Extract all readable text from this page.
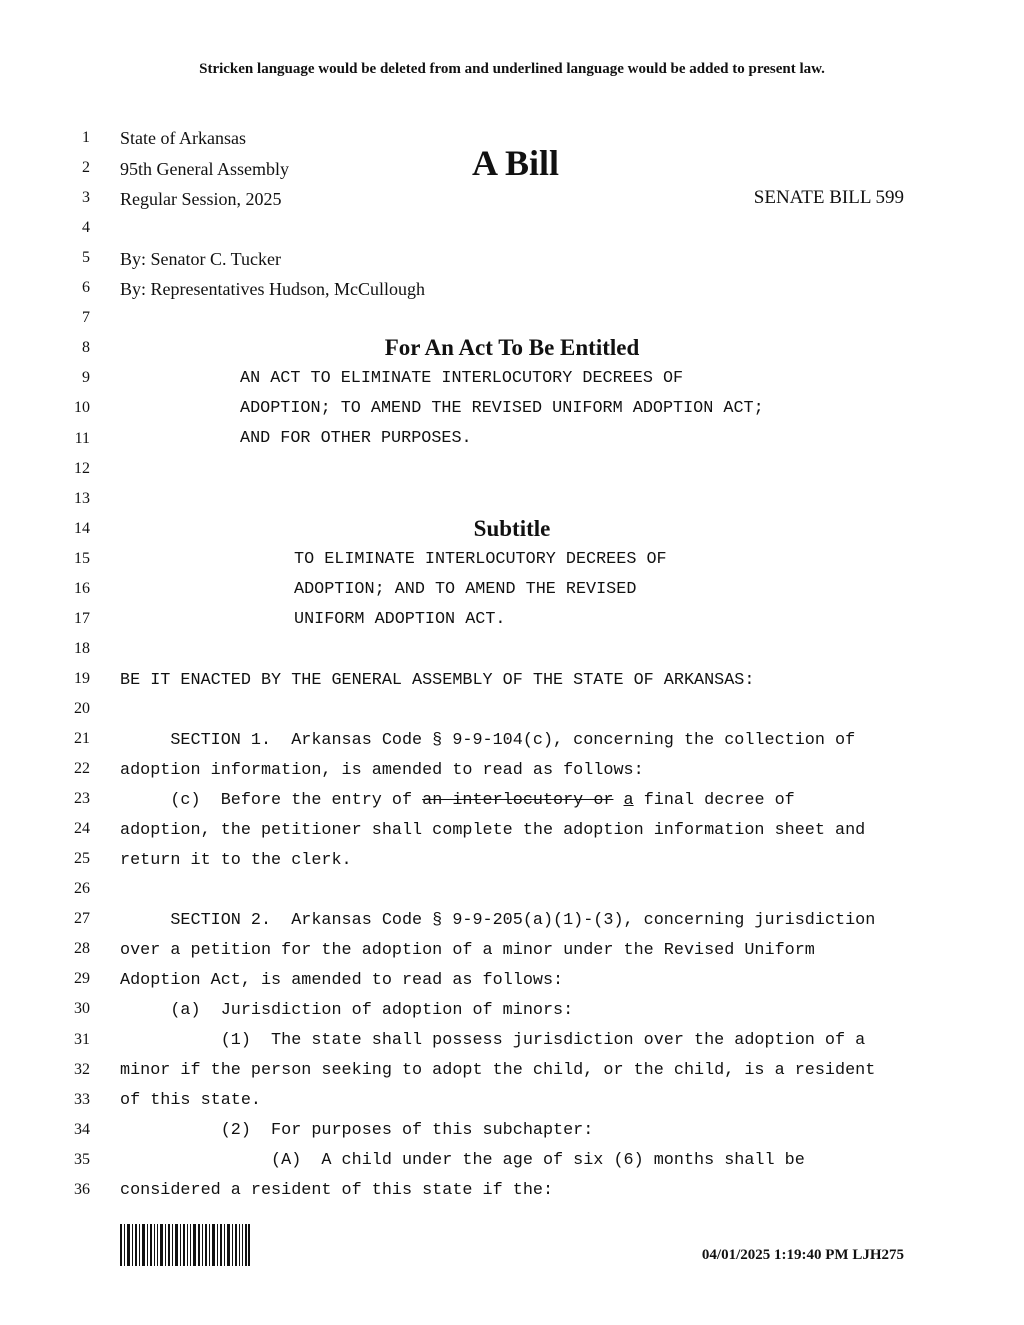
Stricken language would be deleted from and underlined language would be added to present law.
1
2
3
4
5
6
7
8
9
10
11
12
13
14
15
16
17
18
19
20
21
22
23
24
25
26
27
28
29
30
31
32
33
34
35
36
State of Arkansas
95th General Assembly
Regular Session, 2025
A Bill
SENATE BILL 599
By: Senator C. Tucker
By: Representatives Hudson, McCullough
For An Act To Be Entitled
AN ACT TO ELIMINATE INTERLOCUTORY DECREES OF
ADOPTION; TO AMEND THE REVISED UNIFORM ADOPTION ACT;
AND FOR OTHER PURPOSES.
Subtitle
TO ELIMINATE INTERLOCUTORY DECREES OF
ADOPTION; AND TO AMEND THE REVISED
UNIFORM ADOPTION ACT.
BE IT ENACTED BY THE GENERAL ASSEMBLY OF THE STATE OF ARKANSAS:
SECTION 1.  Arkansas Code § 9-9-104(c), concerning the collection of
adoption information, is amended to read as follows:
(c)  Before the entry of an interlocutory or a final decree of
adoption, the petitioner shall complete the adoption information sheet and
return it to the clerk.
SECTION 2.  Arkansas Code § 9-9-205(a)(1)-(3), concerning jurisdiction
over a petition for the adoption of a minor under the Revised Uniform
Adoption Act, is amended to read as follows:
(a)  Jurisdiction of adoption of minors:
(1)  The state shall possess jurisdiction over the adoption of a
minor if the person seeking to adopt the child, or the child, is a resident
of this state.
(2)  For purposes of this subchapter:
(A)  A child under the age of six (6) months shall be
considered a resident of this state if the:
04/01/2025 1:19:40 PM LJH275
